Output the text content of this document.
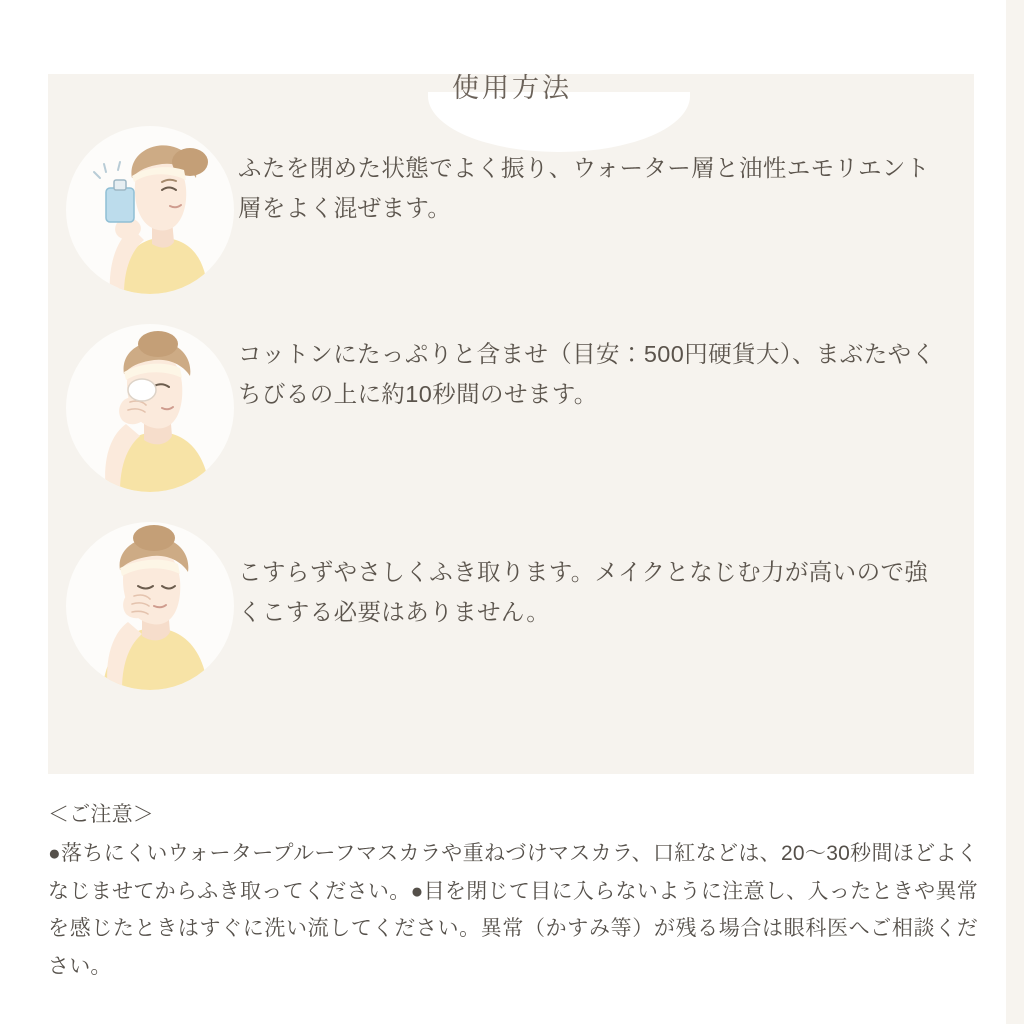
使用方法
ふたを閉めた状態でよく振り、ウォーター層と油性エモリエント層をよく混ぜます。
コットンにたっぷりと含ませ（目安：500円硬貨大）、まぶたやくちびるの上に約10秒間のせます。
こすらずやさしくふき取ります。メイクとなじむ力が高いので強くこする必要はありません。
＜ご注意＞
●落ちにくいウォータープルーフマスカラや重ねづけマスカラ、口紅などは、20〜30秒間ほどよくなじませてからふき取ってください。●目を閉じて目に入らないように注意し、入ったときや異常を感じたときはすぐに洗い流してください。異常（かすみ等）が残る場合は眼科医へご相談ください。
